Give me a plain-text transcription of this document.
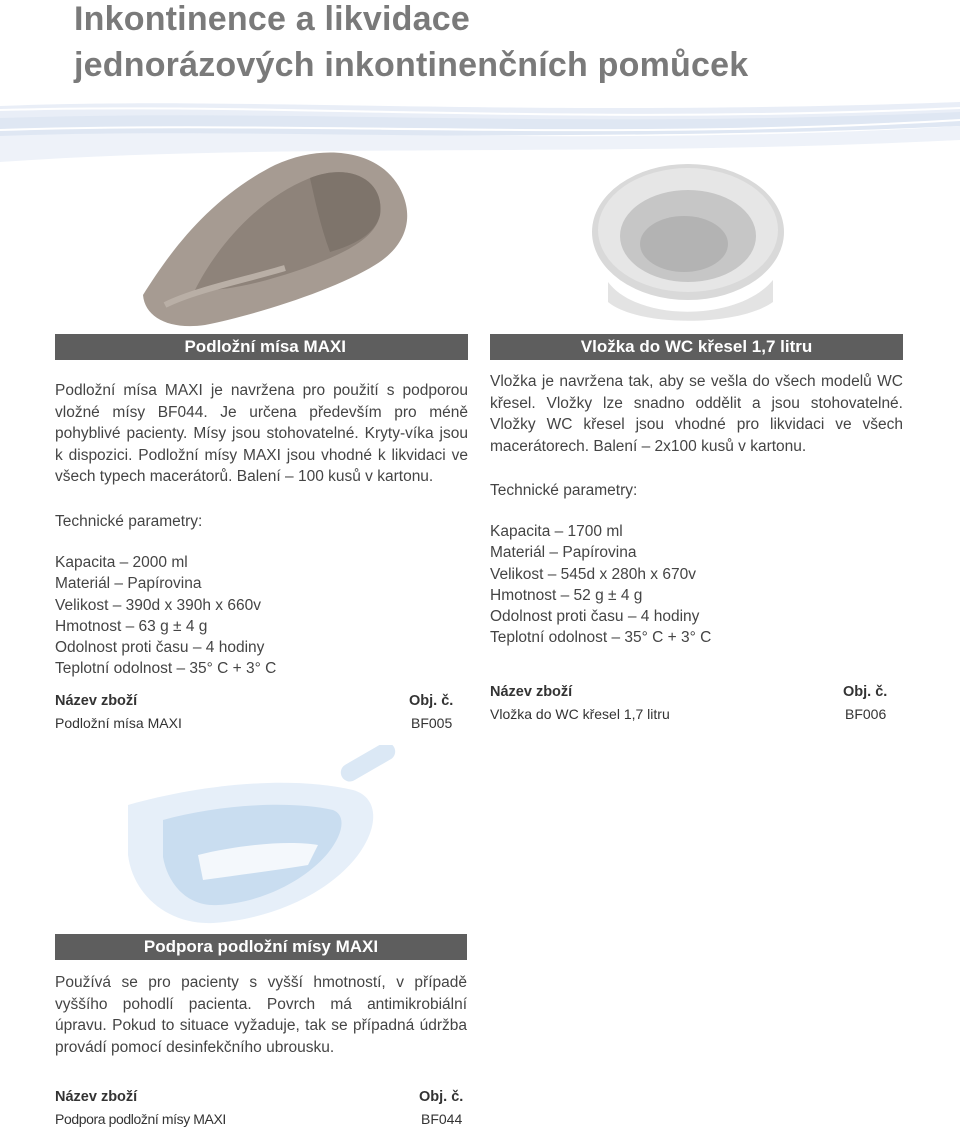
Inkontinence a likvidace
jednorázových inkontinenčních pomůcek
Podložní mísa MAXI

Podložní mísa MAXI je navržena pro použití s podporou vložné mísy BF044. Je určena především pro méně pohyblivé pacienty. Mísy jsou stohovatelné. Kryty-víka jsou k dispozici. Podložní mísy MAXI jsou vhodné k likvidaci ve všech typech macerátorů. Balení – 100 kusů v kartonu.

Technické parametry:
Kapacita – 2000 ml
Materiál – Papírovina
Velikost – 390d x 390h x 660v
Hmotnost – 63 g ± 4 g
Odolnost proti času – 4 hodiny
Teplotní odolnost – 35° C + 3° C
Název zboží	Obj. č.
Podložní mísa MAXI	BF005
Vložka do WC křesel 1,7 litru

Vložka je navržena tak, aby se vešla do všech modelů WC křesel. Vložky lze snadno oddělit a jsou stohovatelné. Vložky WC křesel jsou vhodné pro likvidaci ve všech macerátorech. Balení – 2x100 kusů v kartonu.

Technické parametry:
Kapacita – 1700 ml
Materiál – Papírovina
Velikost – 545d x 280h x 670v
Hmotnost – 52 g ± 4 g
Odolnost proti času – 4 hodiny
Teplotní odolnost – 35° C + 3° C
Název zboží	Obj. č.
Vložka do WC křesel 1,7 litru	BF006
Podpora podložní mísy MAXI

Používá se pro pacienty s vyšší hmotností, v případě vyššího pohodlí pacienta. Povrch má antimikrobiální úpravu. Pokud to situace vyžaduje, tak se případná údržba provádí pomocí desinfekčního ubrousku.

Název zboží	Obj. č.
Podpora podložní mísy MAXI	BF044
